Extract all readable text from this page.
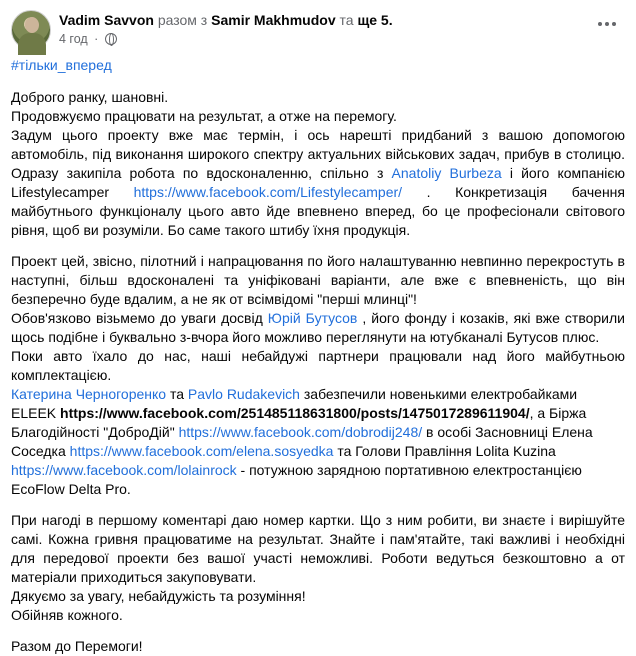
Vadim Savvon разом з Samir Makhmudov та ще 5.
4 год ·
#тільки_вперед

Доброго ранку, шановні.

Продовжуємо працювати на результат, а отже на перемогу.

Задум цього проекту вже має термін, і ось нарешті придбаний з вашою допомогою автомобіль, під виконання широкого спектру актуальних військових задач, прибув в столицю. Одразу закипіла робота по вдосконаленню, спільно з Anatoliy Burbeza і його компанією Lifestylecamper https://www.facebook.com/Lifestylecamper/ . Конкретизація бачення майбутнього функціоналу цього авто йде впевнено вперед, бо це професіонали світового рівня, щоб ви розуміли. Бо саме такого штибу їхня продукція.

Проект цей, звісно, пілотний і напрацювання по його налаштуванню невпинно перекростуть в наступні, більш вдосконалені та уніфіковані варіанти, але вже є впевненість, що він безперечно буде вдалим, а не як от всімвідомі "перші млинці"!

Обов'язково візьмемо до уваги досвід Юрій Бутусов , його фонду і козаків, які вже створили щось подібне і буквально з-вчора його можливо переглянути на ютубканалі Бутусов плюс.

Поки авто їхало до нас, наші небайдужі партнери працювали над його майбутньою комплектацією.

Катерина Черногоренко та Pavlo Rudakevich забезпечили новенькими електробайками ELEEK https://www.facebook.com/251485118631800/posts/1475017289611904/, а Біржа Благодійності "ДоброДій" https://www.facebook.com/dobrodij248/ в особі Засновниці Елена Соседка https://www.facebook.com/elena.sosyedka та Голови Правління Lolita Kuzina https://www.facebook.com/lolainrock - потужною зарядною портативною електростанцією EcoFlow Delta Pro.

При нагоді в першому коментарі даю номер картки. Що з ним робити, ви знаєте і вирішуйте самі. Кожна гривня працюватиме на результат. Знайте і пам'ятайте, такі важливі і необхідні для передової проекти без вашої участі неможливі. Роботи ведуться безкоштовно а от матеріали приходиться закуповувати.

Дякуємо за увагу, небайдужість та розуміння!

Обійняв кожного.

Разом до Перемоги!
